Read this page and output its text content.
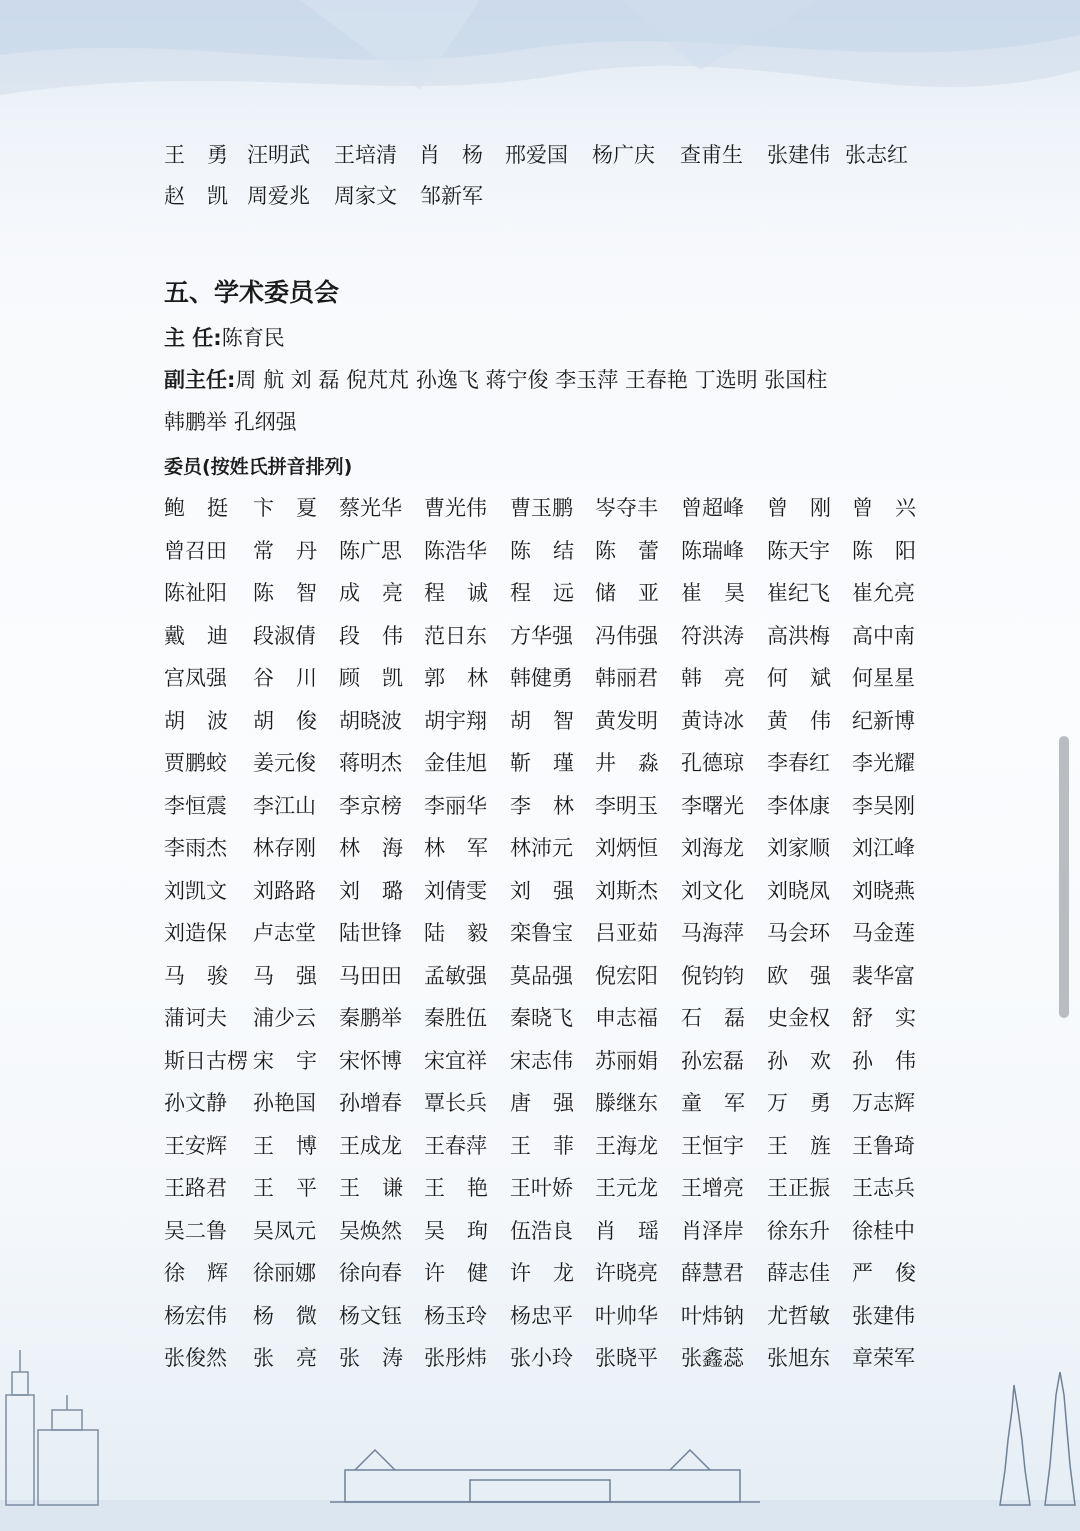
王 勇 汪明武 王培清 肖 杨 邢爱国 杨广庆 查甫生 张建伟 张志红
赵 凯 周爱兆 周家文 邹新军
五、学术委员会
主 任:陈育民
副主任:周 航 刘 磊 倪芃芃 孙逸飞 蒋宁俊 李玉萍 王春艳 丁选明 张国柱
韩鹏举 孔纲强
委员(按姓氏拼音排列)
鲍 挺 卞 夏 蔡光华 曹光伟 曹玉鹏 岑夺丰 曾超峰 曾 刚 曾 兴
曾召田 常 丹 陈广思 陈浩华 陈 结 陈 蕾 陈瑞峰 陈天宇 陈 阳
陈祉阳 陈 智 成 亮 程 诚 程 远 储 亚 崔 昊 崔纪飞 崔允亮
戴 迪 段淑倩 段 伟 范日东 方华强 冯伟强 符洪涛 高洪梅 高中南
宫凤强 谷 川 顾 凯 郭 林 韩健勇 韩丽君 韩 亮 何 斌 何星星
胡 波 胡 俊 胡晓波 胡宇翔 胡 智 黄发明 黄诗冰 黄 伟 纪新博
贾鹏蛟 姜元俊 蒋明杰 金佳旭 靳 瑾 井 淼 孔德琼 李春红 李光耀
李恒震 李江山 李京榜 李丽华 李 林 李明玉 李曙光 李体康 李吴刚
李雨杰 林存刚 林 海 林 军 林沛元 刘炳恒 刘海龙 刘家顺 刘江峰
刘凯文 刘路路 刘 璐 刘倩雯 刘 强 刘斯杰 刘文化 刘晓凤 刘晓燕
刘造保 卢志堂 陆世锋 陆 毅 栾鲁宝 吕亚茹 马海萍 马会环 马金莲
马 骏 马 强 马田田 孟敏强 莫品强 倪宏阳 倪钧钧 欧 强 裴华富
蒲诃夫 浦少云 秦鹏举 秦胜伍 秦晓飞 申志福 石 磊 史金权 舒 实
斯日古楞 宋 宇 宋怀博 宋宜祥 宋志伟 苏丽娟 孙宏磊 孙 欢 孙 伟
孙文静 孙艳国 孙增春 覃长兵 唐 强 滕继东 童 军 万 勇 万志辉
王安辉 王 博 王成龙 王春萍 王 菲 王海龙 王恒宇 王 旌 王鲁琦
王路君 王 平 王 谦 王 艳 王叶娇 王元龙 王增亮 王正振 王志兵
吴二鲁 吴凤元 吴焕然 吴 珣 伍浩良 肖 瑶 肖泽岸 徐东升 徐桂中
徐 辉 徐丽娜 徐向春 许 健 许 龙 许晓亮 薛慧君 薛志佳 严 俊
杨宏伟 杨 微 杨文钰 杨玉玲 杨忠平 叶帅华 叶炜钠 尤哲敏 张建伟
张俊然 张 亮 张 涛 张彤炜 张小玲 张晓平 张鑫蕊 张旭东 章荣军
